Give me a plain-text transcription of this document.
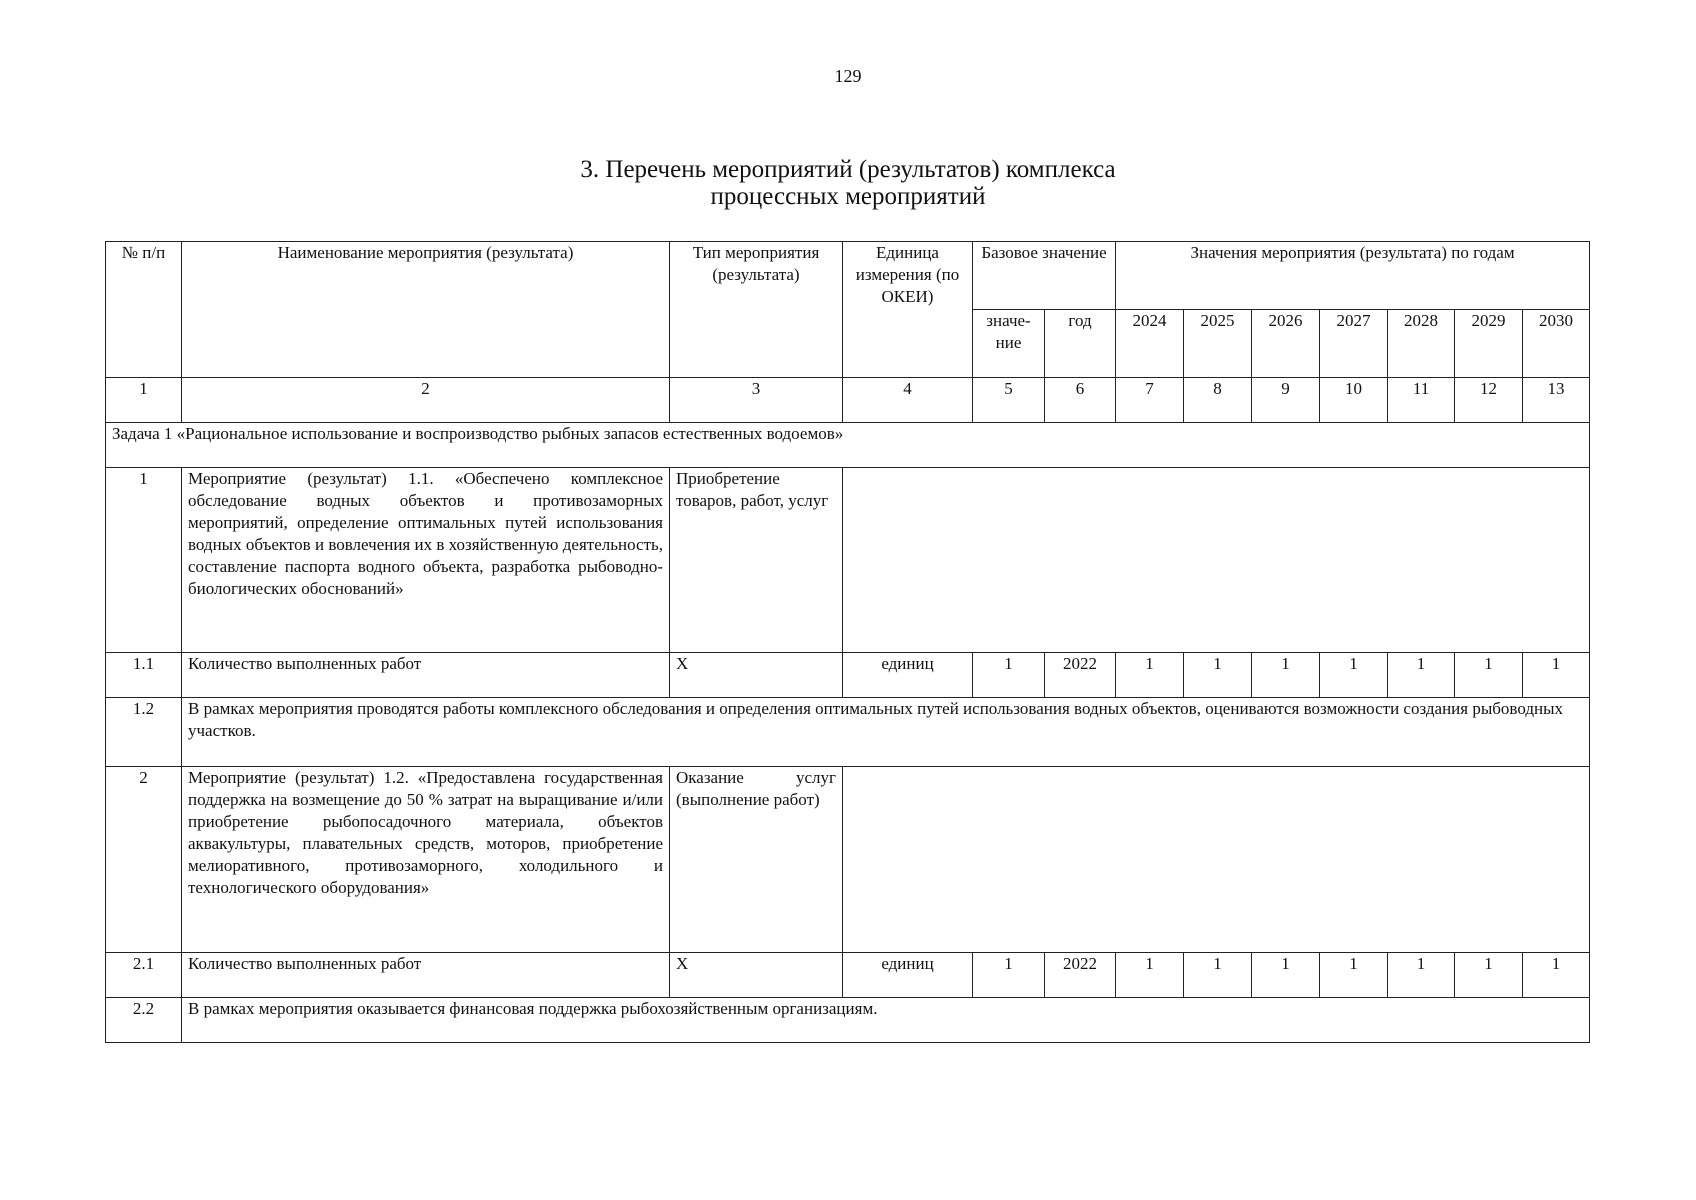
129
3. Перечень мероприятий (результатов) комплекса
процессных мероприятий
№ п/п	Наименование мероприятия (результата)	Тип мероприятия (результата)	Единица измерения (по ОКЕИ)	Базовое значение		Значения мероприятия (результата) по годам						
				значе-ние	год	2024	2025	2026	2027	2028	2029	2030
1	2	3	4	5	6	7	8	9	10	11	12	13
Задача 1 «Рациональное использование и воспроизводство рыбных запасов естественных водоемов»												
1	Мероприятие (результат) 1.1. «Обеспечено комплексное обследование водных объектов и противозаморных мероприятий, определение оптимальных путей использования водных объектов и вовлечения их в хозяйственную деятельность, составление паспорта водного объекта, разработка рыбоводно-биологических обоснований»	Приобретение товаров, работ, услуг										
1.1	Количество выполненных работ	X	единиц	1	2022	1	1	1	1	1	1	1
1.2	В рамках мероприятия проводятся работы комплексного обследования и определения оптимальных путей использования водных объектов, оцениваются возможности создания рыбоводных участков.											
2	Мероприятие (результат) 1.2. «Предоставлена государственная поддержка на возмещение до 50 % затрат на выращивание и/или приобретение рыбопосадочного материала, объектов аквакультуры, плавательных средств, моторов, приобретение мелиоративного, противозаморного, холодильного и технологического оборудования»	Оказание услуг (выполнение работ)										
2.1	Количество выполненных работ	X	единиц	1	2022	1	1	1	1	1	1	1
2.2	В рамках мероприятия оказывается финансовая поддержка рыбохозяйственным организациям.											
